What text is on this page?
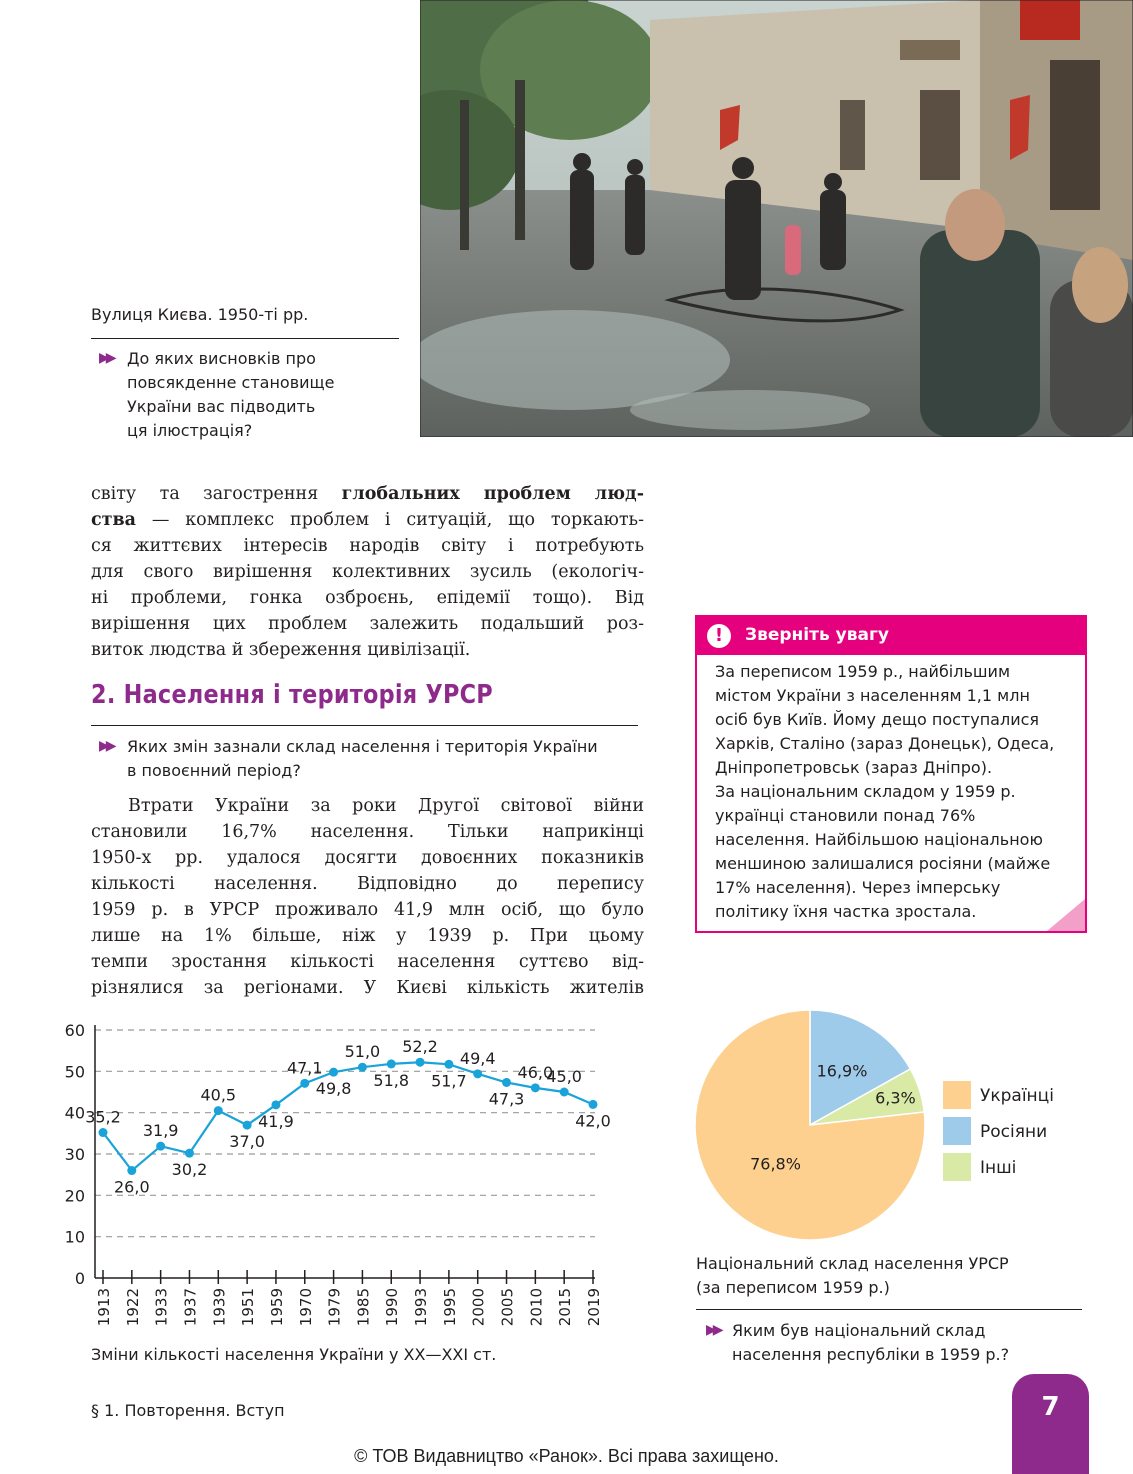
Вулиця Києва. 1950-ті рр.
▶▶ До яких висновків про
повсякденне становище
України вас підводить
ця ілюстрація?
світу та загострення глобальних проблем люд-
ства — комплекс проблем і ситуацій, що торкають-
ся життєвих інтересів народів світу і потребують
для свого вирішення колективних зусиль (екологіч-
ні проблеми, гонка озброєнь, епідемії тощо). Від
вирішення цих проблем залежить подальший роз-
виток людства й збереження цивілізації.
2. Населення і територія УРСР
▶▶ Яких змін зазнали склад населення і територія України
в повоєнний період?
Втрати України за роки Другої світової війни
становили 16,7% населення. Тільки наприкінці
1950-х рр. удалося досягти довоєнних показників
кількості населення. Відповідно до перепису
1959 р. в УРСР проживало 41,9 млн осіб, що було
лише на 1% більше, ніж у 1939 р. При цьому
темпи зростання кількості населення суттєво від-
різнялися за регіонами. У Києві кількість жителів
!	Зверніть увагу
За переписом 1959 р., найбільшим
містом України з населенням 1,1 млн
осіб був Київ. Йому дещо поступалися
Харків, Сталіно (зараз Донецьк), Одеса,
Дніпропетровськ (зараз Дніпро).
За національним складом у 1959 р.
українці становили понад 76%
населення. Найбільшою національною
меншиною залишалися росіяни (майже
17% населення). Через імперську
політику їхня частка зростала.
0
10
20
30
40
50
60
1913 1922 1933 1937 1939 1951 1959 1970 1979 1985 1990 1993 1995 2000 2005 2010 2015 2019
35,2
26,0
31,9
30,2
40,5
37,0
41,9
47,1
49,8
51,0
51,8
52,2
51,7
49,4
47,3
46,0
45,0
42,0
Зміни кількості населення України у XX—XXI ст.
16,9%
6,3%
76,8%
Українці
Росіяни
Інші
Національний склад населення УРСР
(за переписом 1959 р.)
▶▶ Яким був національний склад
населення республіки в 1959 р.?
§ 1. Повторення. Вступ	7
© ТОВ Видавництво «Ранок». Всі права захищено.
